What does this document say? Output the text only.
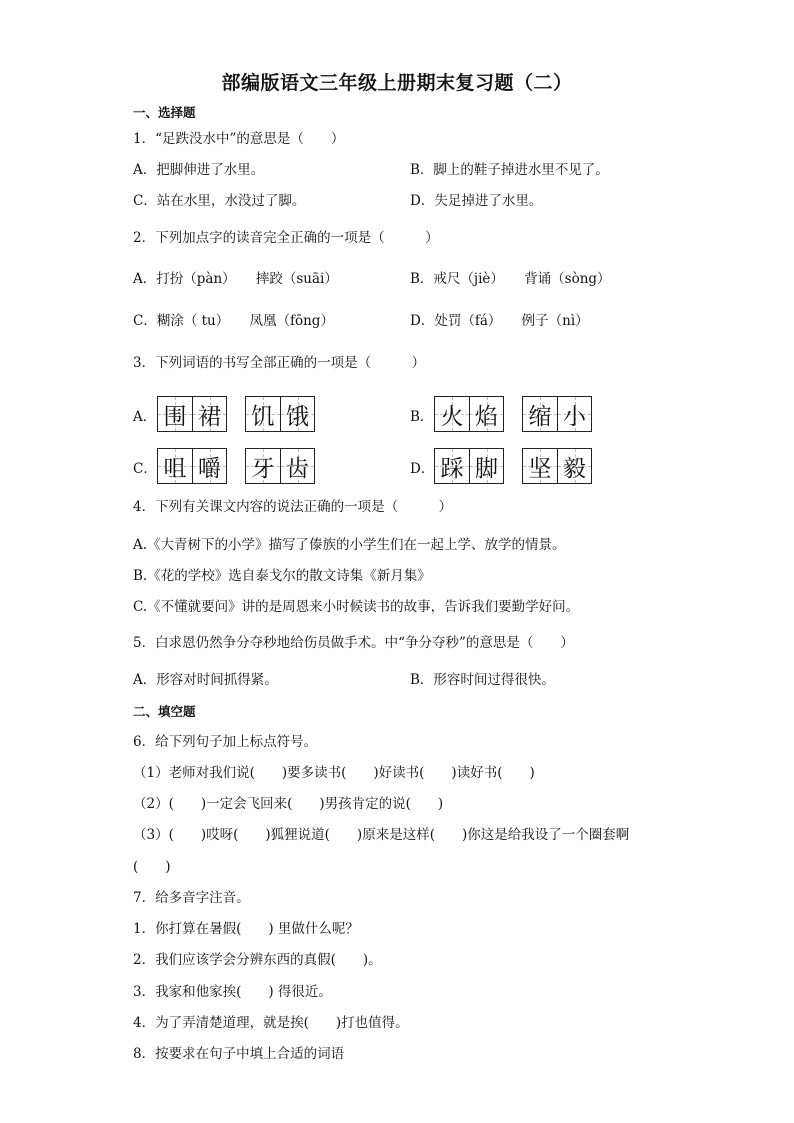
部编版语文三年级上册期末复习题（二）
一、选择题
1．“足跌没水中”的意思是（　　）
A．把脚伸进了水里。	B．脚上的鞋子掉进水里不见了。
C．站在水里，水没过了脚。	D．失足掉进了水里。
2．下列加点字的读音完全正确的一项是（　　　）
A．打扮（pàn）　　摔跤（suāi）	B．戒尺（jiè）　　背诵（sòng）
C．糊涂（ tu）　　凤凰（fōng）	D．处罚（fá）　　例子（nì）
3．下列词语的书写全部正确的一项是（　　　）
A． 围 裙 饥 饿	B． 火 焰 缩 小
C． 咀 嚼 牙 齿	D． 踩 脚 坚 毅
4．下列有关课文内容的说法正确的一项是（　　　）
A.《大青树下的小学》描写了傣族的小学生们在一起上学、放学的情景。
B.《花的学校》选自泰戈尔的散文诗集《新月集》
C.《不懂就要问》讲的是周恩来小时候读书的故事，告诉我们要勤学好问。
5．白求恩仍然争分夺秒地给伤员做手术。中“争分夺秒”的意思是（　　）
A．形容对时间抓得紧。	B．形容时间过得很快。
二、填空题
6．给下列句子加上标点符号。
（1）老师对我们说(　　)要多读书(　　)好读书(　　)读好书(　　)
（2）(　　)一定会飞回来(　　)男孩肯定的说(　　)
（3）(　　)哎呀(　　)狐狸说道(　　)原来是这样(　　)你这是给我设了一个圈套啊
(　　)
7．给多音字注音。
1．你打算在暑假(　　) 里做什么呢？
2．我们应该学会分辨东西的真假(　　)。
3．我家和他家挨(　　) 得很近。
4．为了弄清楚道理，就是挨(　　)打也值得。
8．按要求在句子中填上合适的词语
